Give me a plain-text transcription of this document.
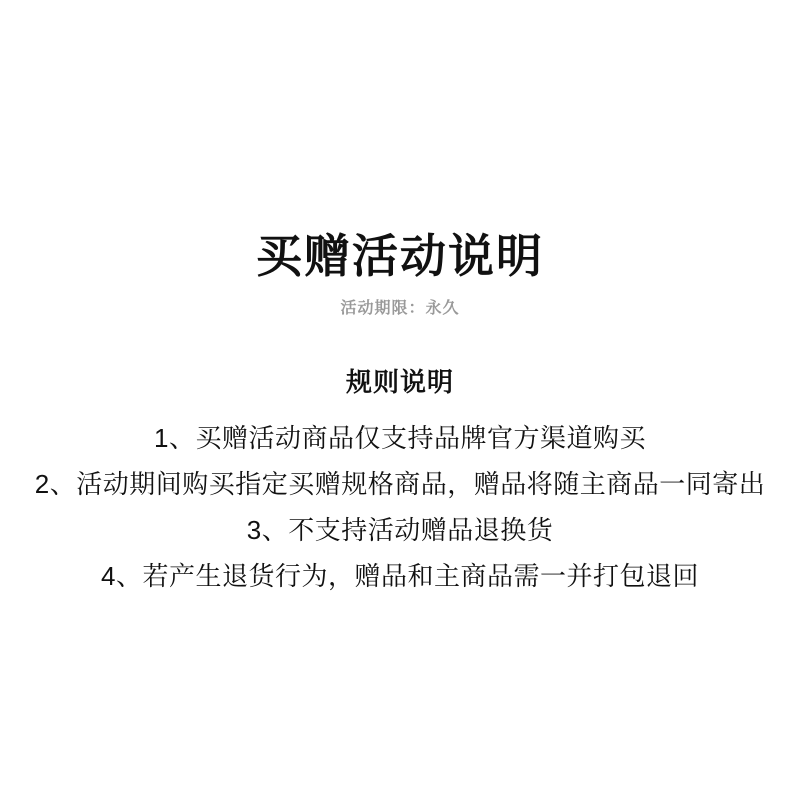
买赠活动说明
活动期限：永久
规则说明
1、买赠活动商品仅支持品牌官方渠道购买
2、活动期间购买指定买赠规格商品，赠品将随主商品一同寄出
3、不支持活动赠品退换货
4、若产生退货行为，赠品和主商品需一并打包退回
